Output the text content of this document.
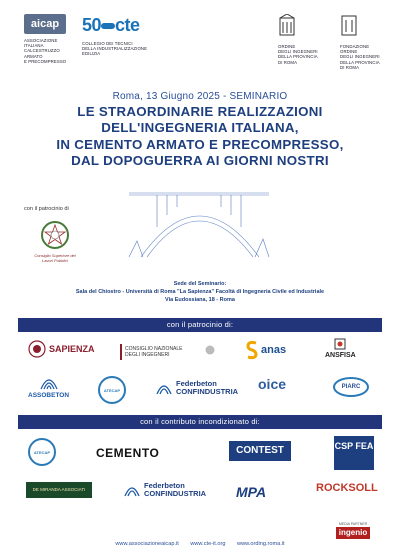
aicap
ASSOCIAZIONE
ITALIANA
CALCESTRUZZO
ARMATO
E PRECOMPRESSO
50 cte
COLLEGIO DEI TECNICI
DELLA INDUSTRIALIZZAZIONE
EDILIZIA
ORDINE
DEGLI INGEGNERI
DELLA PROVINCIA
DI ROMA
FONDAZIONE
ORDINE
DEGLI INGEGNERI
DELLA PROVINCIA
DI ROMA
Roma, 13 Giugno 2025 - SEMINARIO
LE STRAORDINARIE REALIZZAZIONI
DELL'INGEGNERIA ITALIANA,
IN CEMENTO ARMATO E PRECOMPRESSO,
DAL DOPOGUERRA AI GIORNI NOSTRI
con il patrocinio di
Consiglio Superiore dei
Lavori Pubblici
Sede del Seminario:
Sala del Chiostro - Università di Roma "La Sapienza" Facoltà di Ingegneria Civile ed Industriale
Via Eudossiana, 18 - Roma
con il patrocinio di:
SAPIENZA	CONSIGLIO NAZIONALE DEGLI INGEGNERI	anas	ANSFISA
ASSOBETON
ATECAP
Federbeton CONFINDUSTRIA oice	PIARC
con il contributo incondizionato di:
ATECAP	CEMENTO	CONTEST	CSP FEA
DE MIRANDA ASSOCIATI	Federbeton CONFINDUSTRIA MPA	ROCKSOLL
MEDIA PARTNER
ingenio
www.associazioneaicap.it www.cte-it.org www.ording.roma.it
